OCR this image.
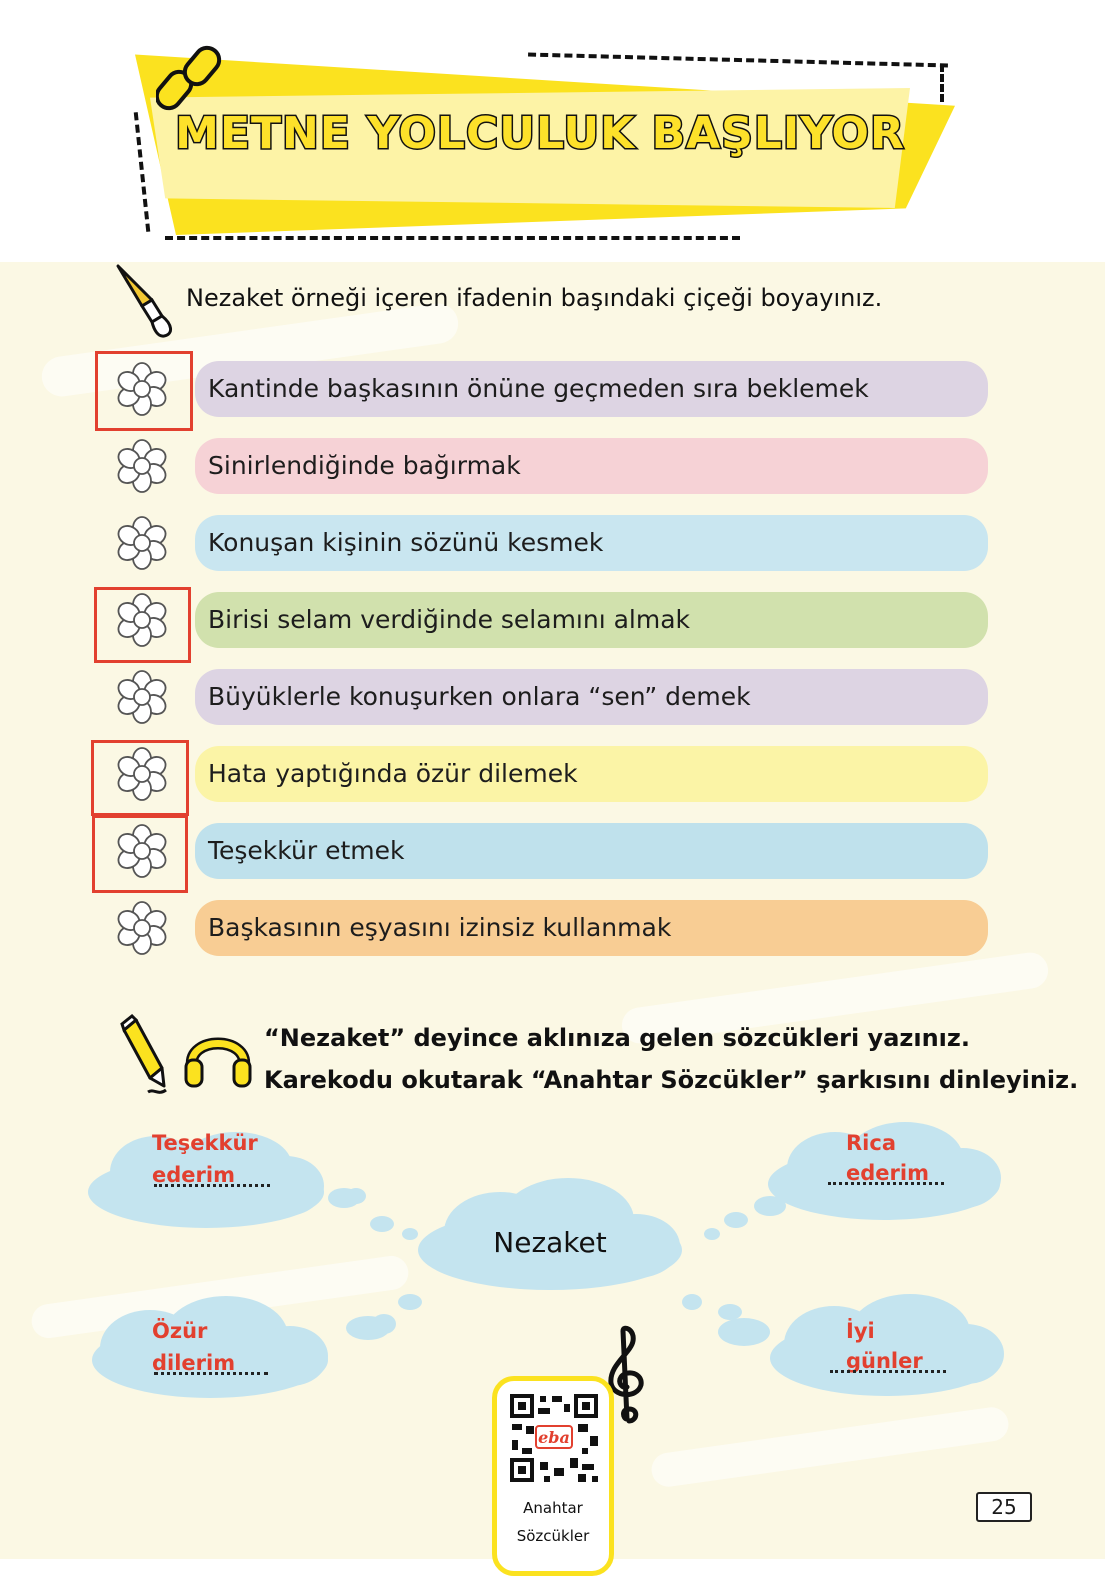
METNE YOLCULUK BAŞLIYOR
Nezaket örneği içeren ifadenin başındaki çiçeği boyayınız.
Kantinde başkasının önüne geçmeden sıra beklemek
Sinirlendiğinde bağırmak
Konuşan kişinin sözünü kesmek
Birisi selam verdiğinde selamını almak
Büyüklerle konuşurken onlara “sen” demek
Hata yaptığında özür dilemek
Teşekkür etmek
Başkasının eşyasını izinsiz kullanmak
“Nezaket” deyince aklınıza gelen sözcükleri yazınız.
Karekodu okutarak “Anahtar Sözcükler” şarkısını dinleyiniz.
Teşekkür
ederim
Rica
ederim
Nezaket
Özür
dilerim
İyi
günler
eba
Anahtar
Sözcükler
25
